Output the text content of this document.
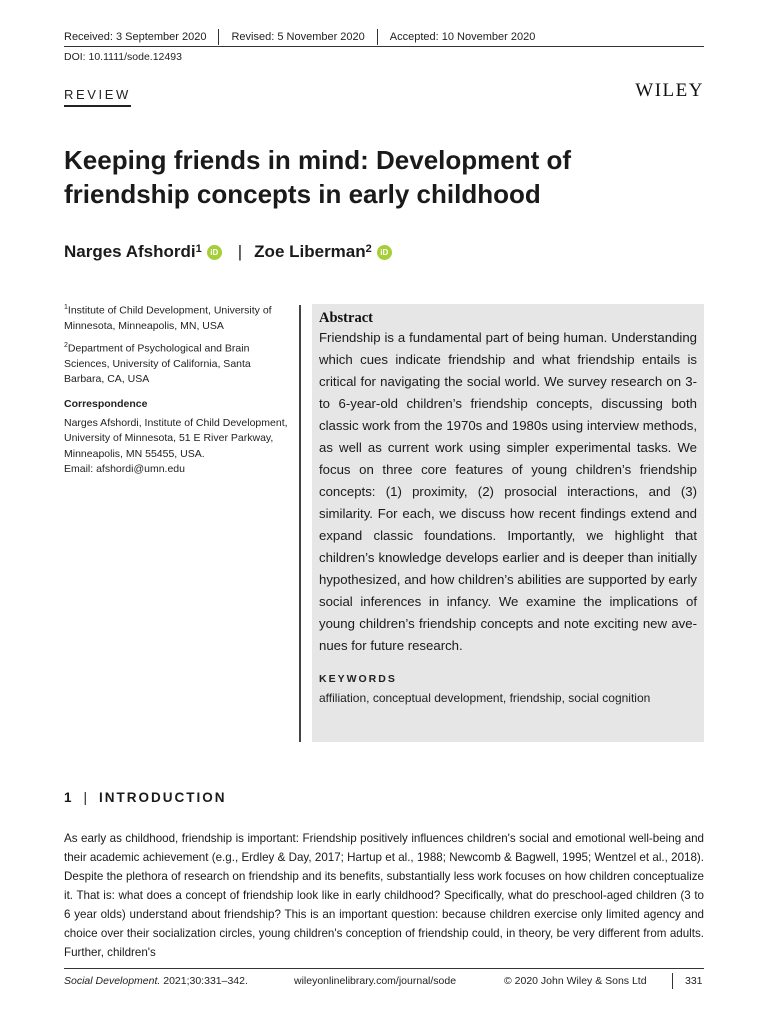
Received: 3 September 2020	Revised: 5 November 2020	Accepted: 10 November 2020
DOI: 10.1111/sode.12493
REVIEW	WILEY
Keeping friends in mind: Development of friendship concepts in early childhood
Narges Afshordi$^1$	iD | Zoe Liberman$^2$	iD

$^1$Institute of Child Development, University of Minnesota, Minneapolis, MN, USA

$^2$Department of Psychological and Brain Sciences, University of California, Santa Barbara, CA, USA

Correspondence

Narges Afshordi, Institute of Child Development, University of Minnesota, 51 E River Parkway, Minneapolis, MN 55455, USA.
Email: afshordi@umn.edu

Abstract
Friendship is a fundamental part of being human. Understanding which cues indicate friendship and what friendship entails is critical for navigating the social world. We survey research on 3- to 6-year-old children’s friendship concepts, discussing both classic work from the 1970s and 1980s using interview methods, as well as current work using simpler experimental tasks. We focus on three core features of young children’s friendship concepts: (1) proximity, (2) prosocial interactions, and (3) similarity. For each, we discuss how recent findings extend and expand classic foundations. Importantly, we highlight that children’s knowledge develops earlier and is deeper than initially hypothesized, and how children’s abilities are supported by early social inferences in infancy. We examine the implications of young children’s friendship concepts and note exciting new avenues for future research.
KEYWORDS
affiliation, conceptual development, friendship, social cognition
1 | INTRODUCTION

As early as childhood, friendship is important: Friendship positively influences children's social and emotional well-being and their academic achievement (e.g., Erdley & Day, 2017; Hartup et al., 1988; Newcomb & Bagwell, 1995; Wentzel et al., 2018). Despite the plethora of research on friendship and its benefits, substantially less work focuses on how children conceptualize it. That is: what does a concept of friendship look like in early childhood? Specifically, what do preschool-aged children (3 to 6 year olds) understand about friendship? This is an important question: because children exercise only limited agency and choice over their socialization circles, young children's conception of friendship could, in theory, be very different from adults. Further, children's

Social Development. 2021;30:331–342.	wileyonlinelibrary.com/journal/sode	© 2020 John Wiley & Sons Ltd	331
